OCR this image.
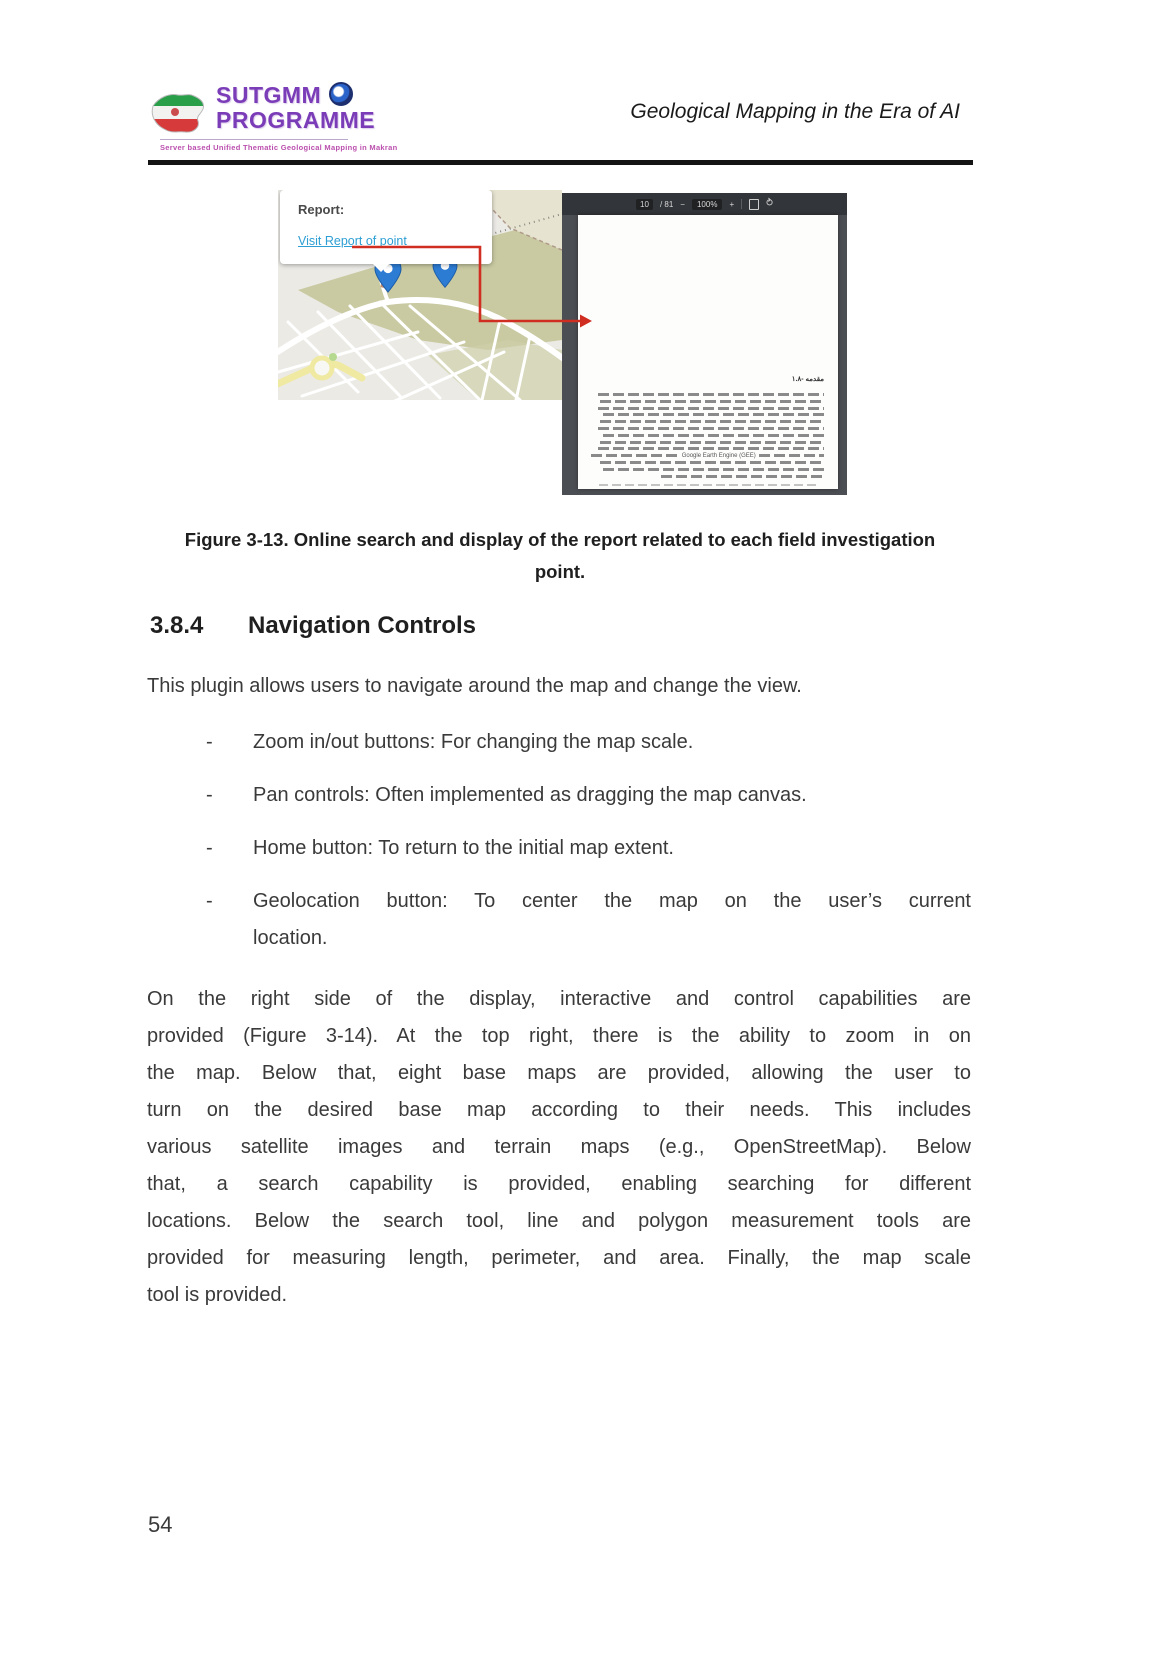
SUTGMM
PROGRAMME
Server based Unified Thematic Geological Mapping in Makran
Geological Mapping in the Era of AI
Report:
Visit Report of point
10	/ 81 −	100%	+	⥁
مقدمه -۱.۸
Google Earth Engine (GEE)
Figure 3-13. Online search and display of the report related to each field investigation
point.
3.8.4	Navigation Controls
This plugin allows users to navigate around the map and change the view.
-	Zoom in/out buttons: For changing the map scale.
-	Pan controls: Often implemented as dragging the map canvas.
-	Home button: To return to the initial map extent.
-	Geolocation button: To center the map on the user’s current
location.
On the right side of the display, interactive and control capabilities are
provided (Figure 3-14). At the top right, there is the ability to zoom in on
the map. Below that, eight base maps are provided, allowing the user to
turn on the desired base map according to their needs. This includes
various satellite images and terrain maps (e.g., OpenStreetMap). Below
that, a search capability is provided, enabling searching for different
locations. Below the search tool, line and polygon measurement tools are
provided for measuring length, perimeter, and area. Finally, the map scale
tool is provided.
54
